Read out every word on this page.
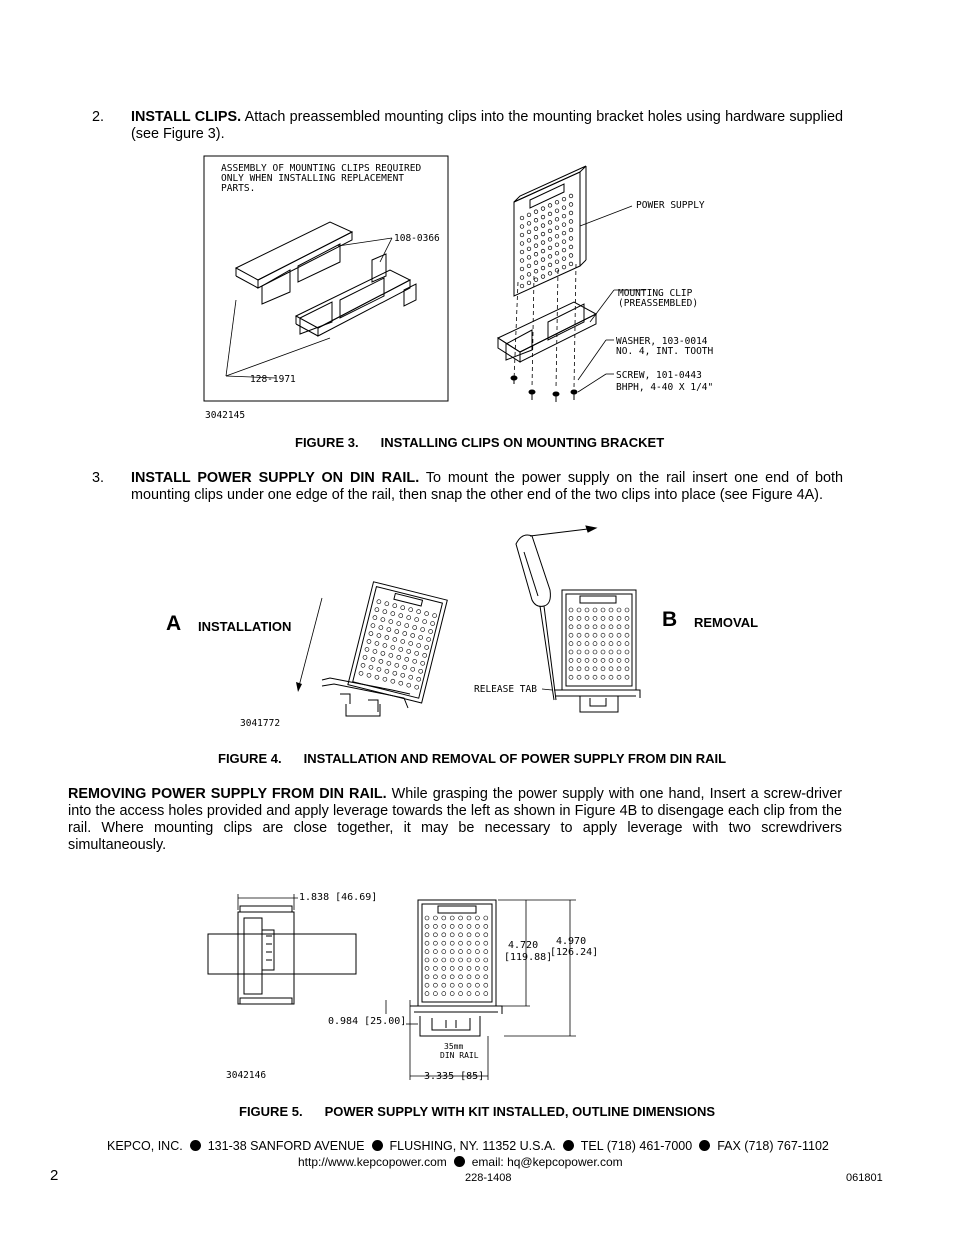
2. INSTALL CLIPS. Attach preassembled mounting clips into the mounting bracket holes using hardware supplied (see Figure 3).
ASSEMBLY OF MOUNTING CLIPS REQUIRED
ONLY WHEN INSTALLING REPLACEMENT
PARTS.
108-0366
128-1971
3042145
POWER SUPPLY
MOUNTING CLIP
(PREASSEMBLED)
WASHER, 103-0014
NO. 4, INT. TOOTH
SCREW, 101-0443
BHPH, 4-40 X 1/4"
FIGURE 3. INSTALLING CLIPS ON MOUNTING BRACKET
3. INSTALL POWER SUPPLY ON DIN RAIL. To mount the power supply on the rail insert one end of both mounting clips under one edge of the rail, then snap the other end of the two clips into place (see Figure 4A).
A INSTALLATION	B REMOVAL
3041772
RELEASE TAB
FIGURE 4. INSTALLATION AND REMOVAL OF POWER SUPPLY FROM DIN RAIL
REMOVING POWER SUPPLY FROM DIN RAIL. While grasping the power supply with one hand, Insert a screw-driver into the access holes provided and apply leverage towards the left as shown in Figure 4B to disengage each clip from the rail. Where mounting clips are close together, it may be necessary to apply leverage with two screwdrivers simultaneously.
1.838 [46.69]
4.720
[119.88]
4.970
[126.24]
0.984 [25.00]
35mm
DIN RAIL
3.335 [85]
3042146
FIGURE 5. POWER SUPPLY WITH KIT INSTALLED, OUTLINE DIMENSIONS
KEPCO, INC. 131-38 SANFORD AVENUE FLUSHING, NY. 11352 U.S.A. TEL (718) 461-7000 FAX (718) 767-1102
http://www.kepcopower.com email: hq@kepcopower.com
2	228-1408	061801
